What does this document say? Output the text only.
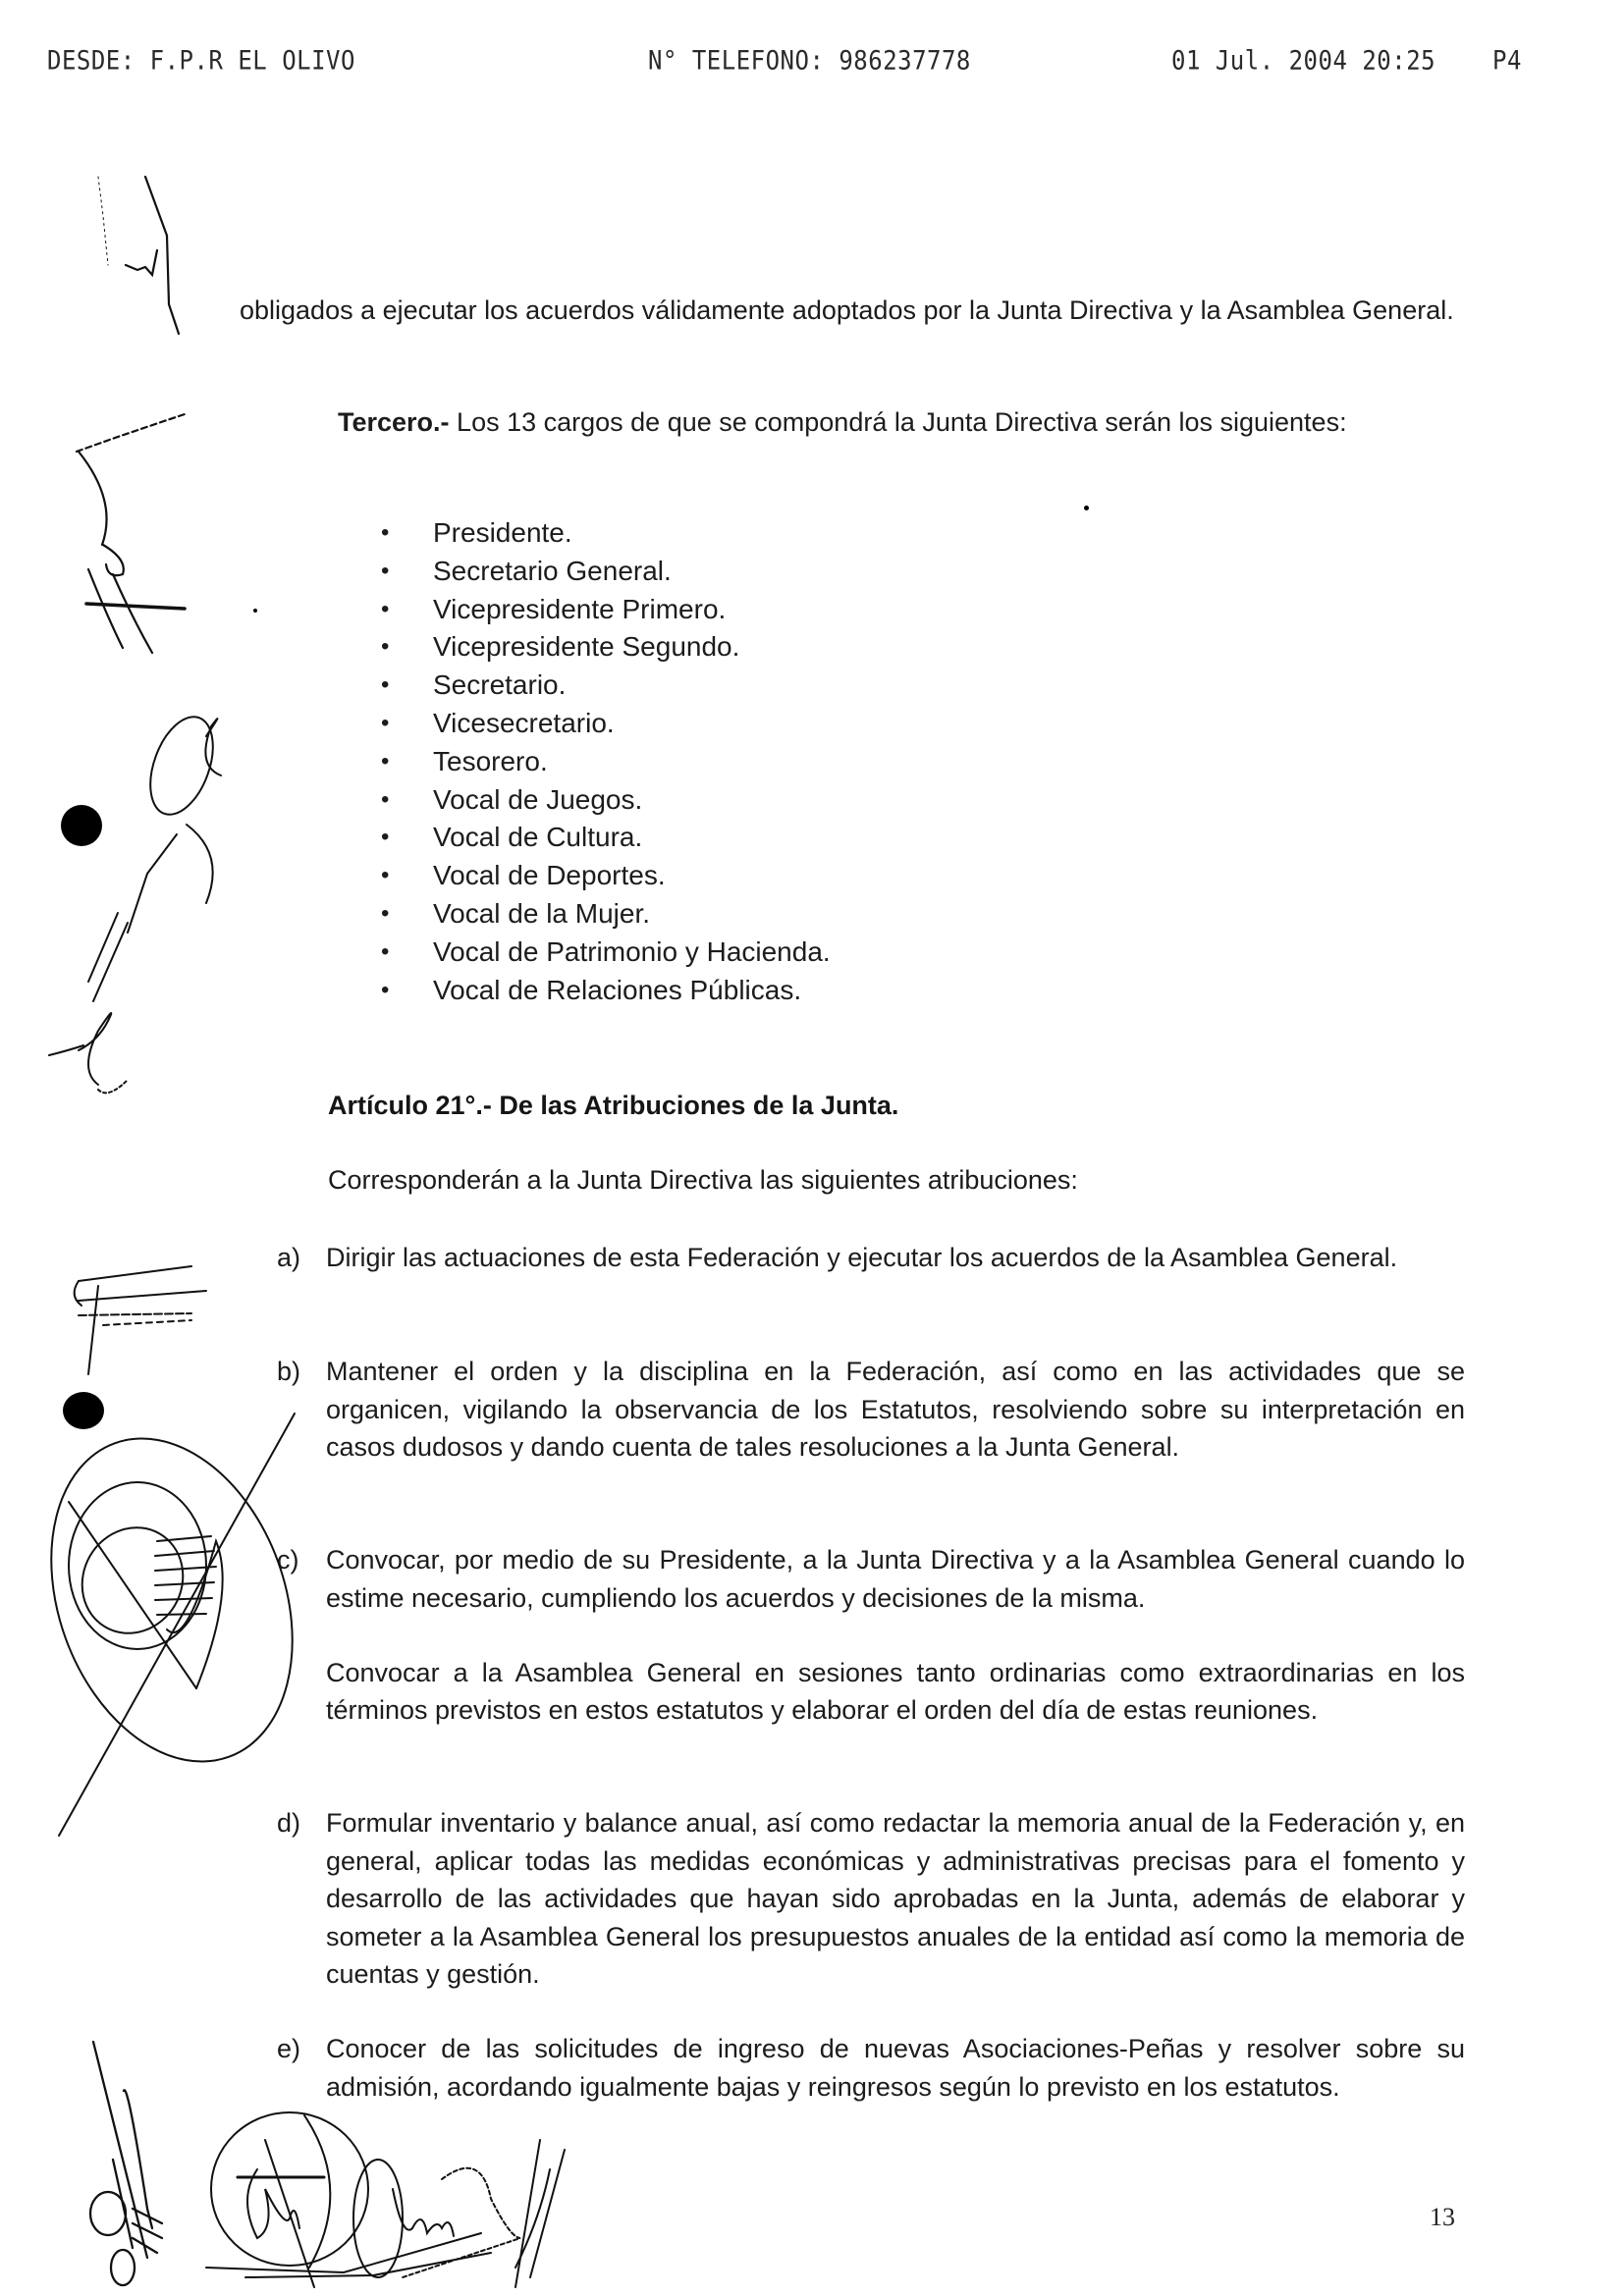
DESDE: F.P.R EL OLIVO	N° TELEFONO: 986237778	01 Jul. 2004 20:25 P4
obligados a ejecutar los acuerdos válidamente adoptados por la Junta Directiva y la Asamblea General.
Tercero.- Los 13 cargos de que se compondrá la Junta Directiva serán los siguientes:
• Presidente.
• Secretario General.
• Vicepresidente Primero.
• Vicepresidente Segundo.
• Secretario.
• Vicesecretario.
• Tesorero.
• Vocal de Juegos.
• Vocal de Cultura.
• Vocal de Deportes.
• Vocal de la Mujer.
• Vocal de Patrimonio y Hacienda.
• Vocal de Relaciones Públicas.
Artículo 21°.- De las Atribuciones de la Junta.
Corresponderán a la Junta Directiva las siguientes atribuciones:
a) Dirigir las actuaciones de esta Federación y ejecutar los acuerdos de la Asamblea General.
b) Mantener el orden y la disciplina en la Federación, así como en las actividades que se organicen, vigilando la observancia de los Estatutos, resolviendo sobre su interpretación en casos dudosos y dando cuenta de tales resoluciones a la Junta General.
c) Convocar, por medio de su Presidente, a la Junta Directiva y a la Asamblea General cuando lo estime necesario, cumpliendo los acuerdos y decisiones de la misma.
Convocar a la Asamblea General en sesiones tanto ordinarias como extraordinarias en los términos previstos en estos estatutos y elaborar el orden del día de estas reuniones.
d) Formular inventario y balance anual, así como redactar la memoria anual de la Federación y, en general, aplicar todas las medidas económicas y administrativas precisas para el fomento y desarrollo de las actividades que hayan sido aprobadas en la Junta, además de elaborar y someter a la Asamblea General los presupuestos anuales de la entidad así como la memoria de cuentas y gestión.
e) Conocer de las solicitudes de ingreso de nuevas Asociaciones-Peñas y resolver sobre su admisión, acordando igualmente bajas y reingresos según lo previsto en los estatutos.
13
